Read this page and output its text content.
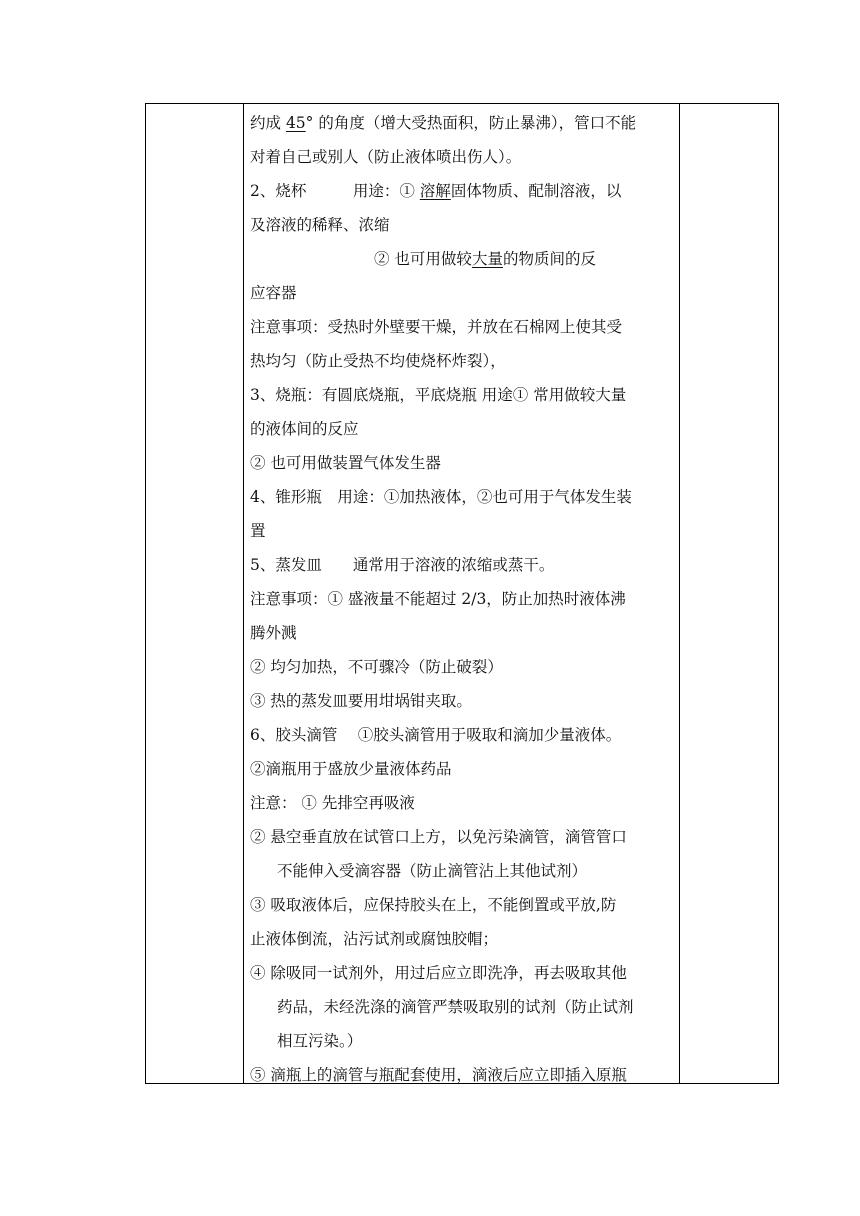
约成 45° 的角度（增大受热面积，防止暴沸），管口不能
对着自己或别人（防止液体喷出伤人）。
2、烧杯　　　用途：① 溶解固体物质、配制溶液，以
及溶液的稀释、浓缩
　　　　　　　　② 也可用做较大量的物质间的反
应容器
注意事项：受热时外壁要干燥，并放在石棉网上使其受
热均匀（防止受热不均使烧杯炸裂），
3、烧瓶：有圆底烧瓶，平底烧瓶 用途① 常用做较大量
的液体间的反应
② 也可用做装置气体发生器
4、锥形瓶　用途：①加热液体，②也可用于气体发生装
置
5、蒸发皿　　通常用于溶液的浓缩或蒸干。
注意事项：① 盛液量不能超过 2/3，防止加热时液体沸
腾外溅
② 均匀加热，不可骤冷（防止破裂）
③ 热的蒸发皿要用坩埚钳夹取。
6、胶头滴管　 ①胶头滴管用于吸取和滴加少量液体。
②滴瓶用于盛放少量液体药品
注意： ① 先排空再吸液
② 悬空垂直放在试管口上方，以免污染滴管，滴管管口
不能伸入受滴容器（防止滴管沾上其他试剂）
③ 吸取液体后，应保持胶头在上，不能倒置或平放,防
止液体倒流，沾污试剂或腐蚀胶帽；
④ 除吸同一试剂外，用过后应立即洗净，再去吸取其他
药品，未经洗涤的滴管严禁吸取别的试剂（防止试剂
相互污染。）
⑤ 滴瓶上的滴管与瓶配套使用，滴液后应立即插入原瓶
